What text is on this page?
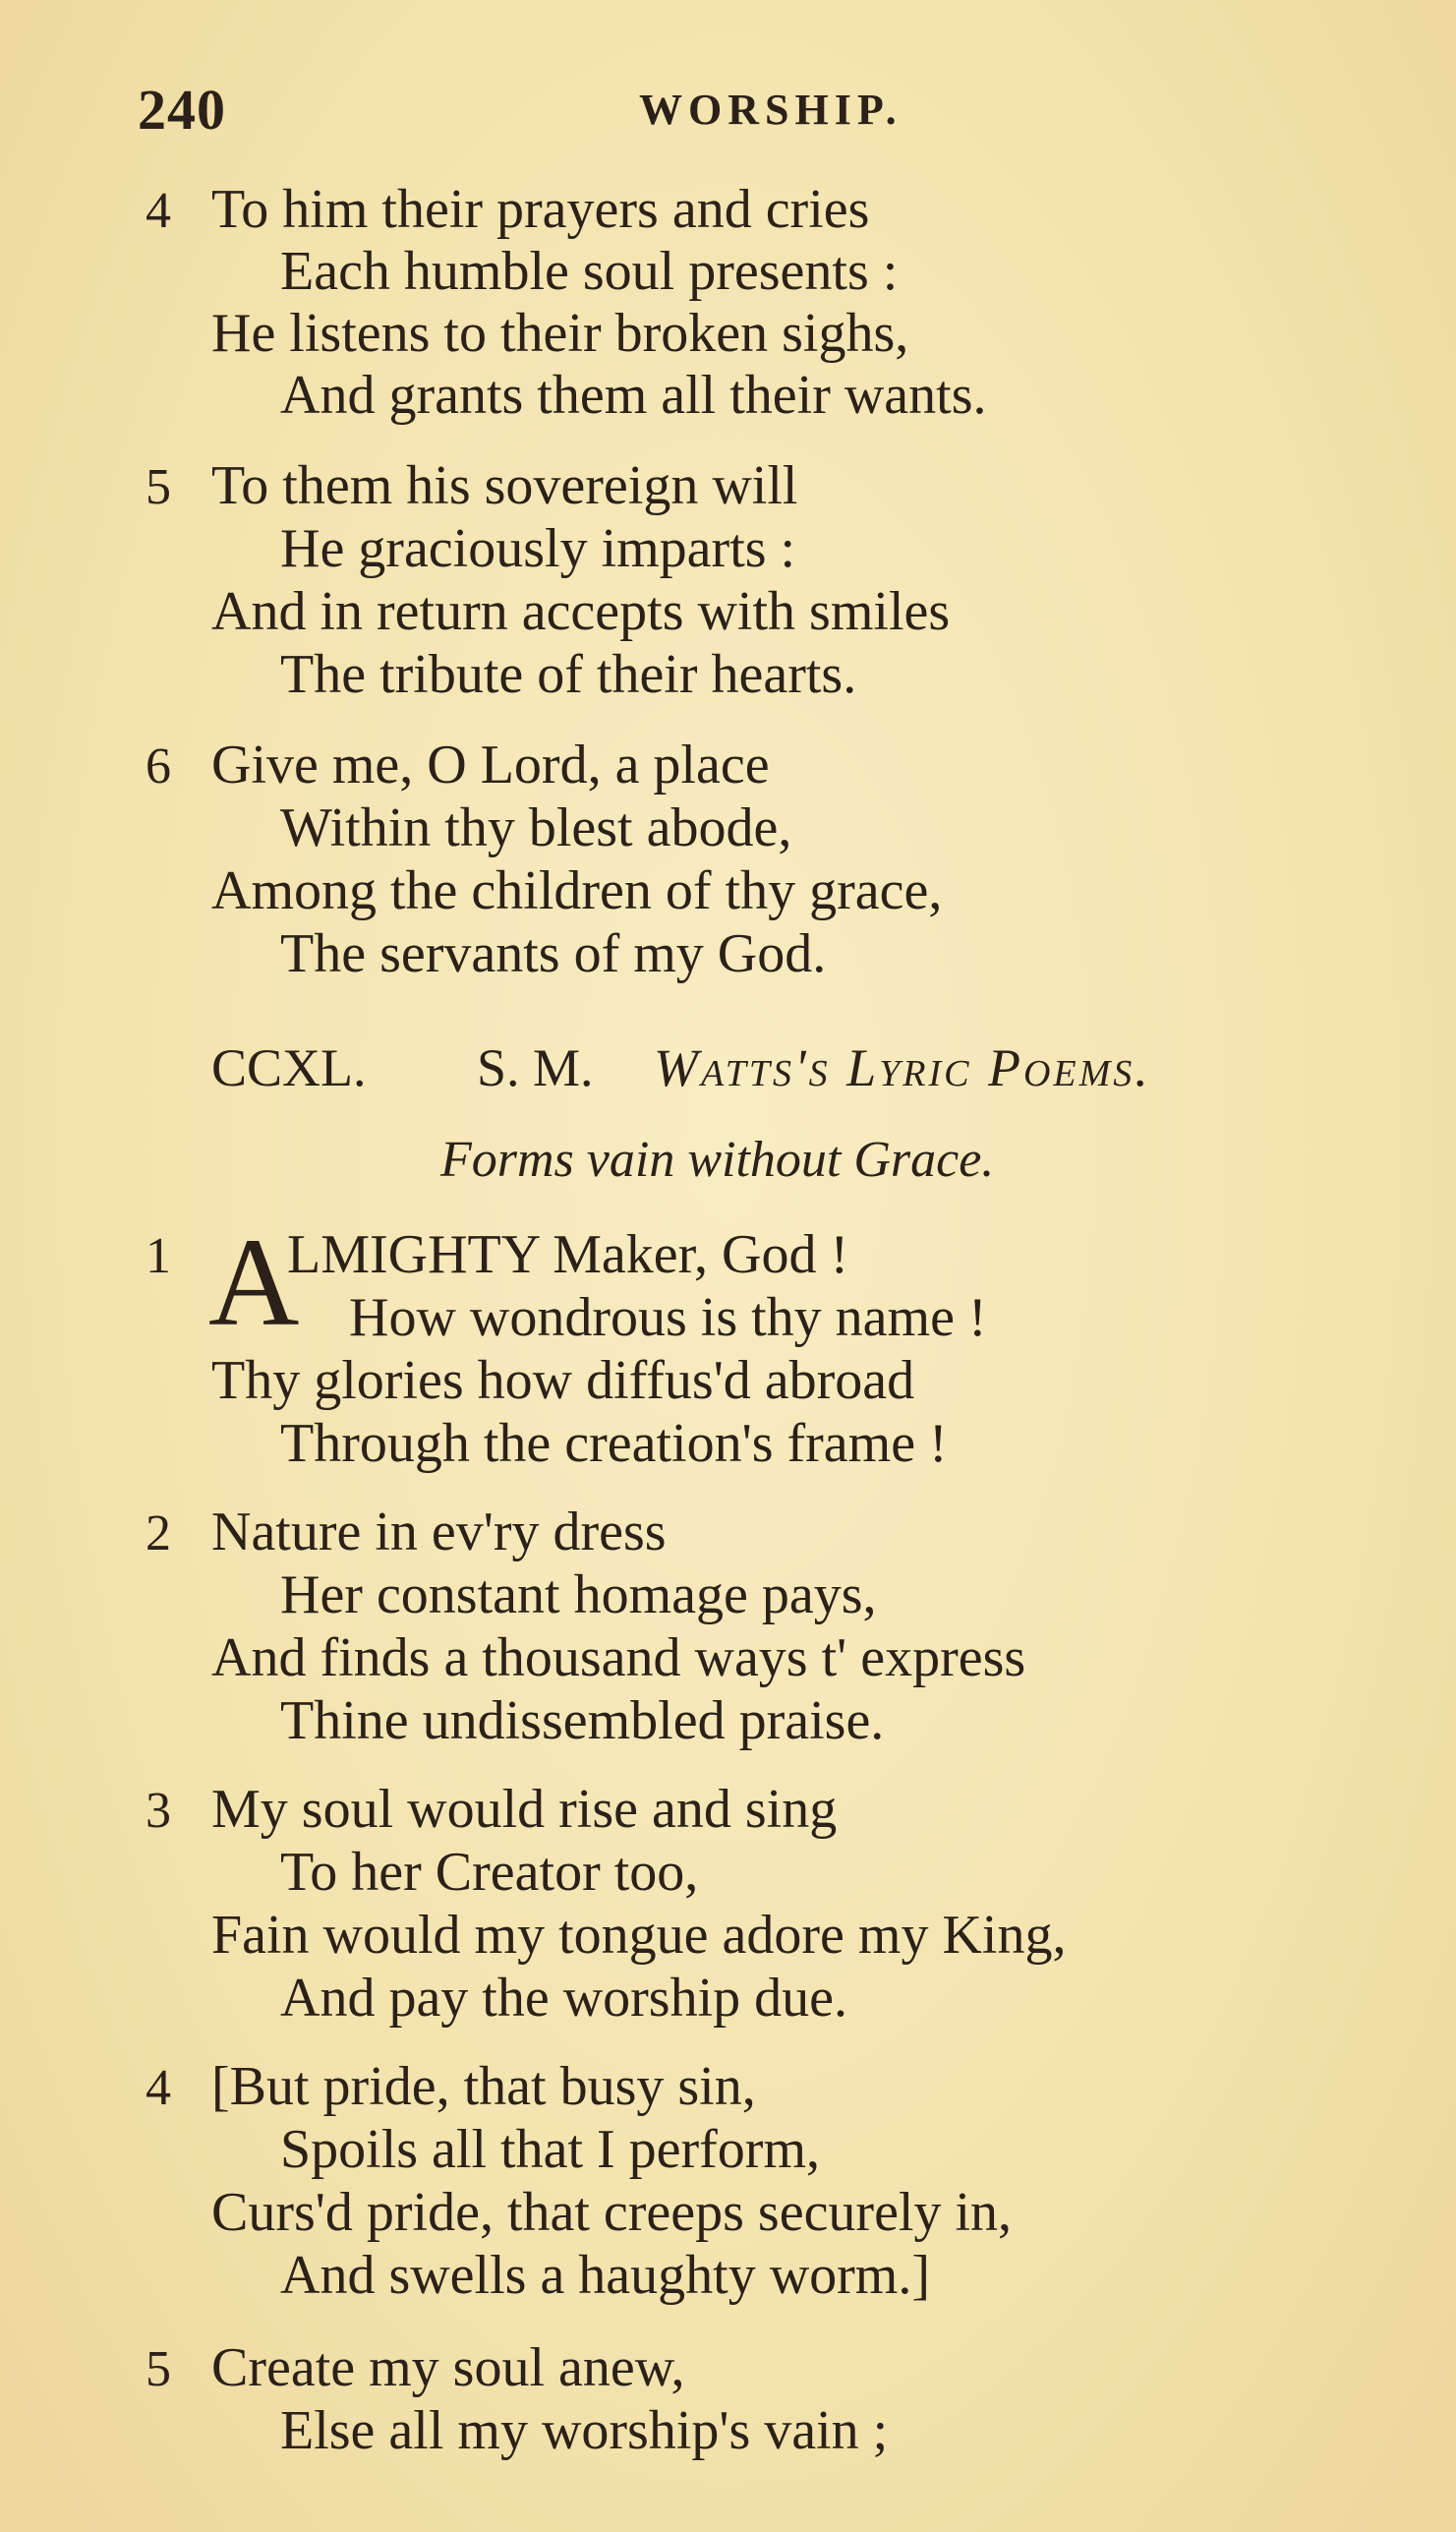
240	WORSHIP.
4 To him their prayers and cries
Each humble soul presents :
He listens to their broken sighs,
And grants them all their wants.
5 To them his sovereign will
He graciously imparts :
And in return accepts with smiles
The tribute of their hearts.
6 Give me, O Lord, a place
Within thy blest abode,
Among the children of thy grace,
The servants of my God.
CCXL. S. M. Watts's Lyric Poems.
Forms vain without Grace.
1 A
LMIGHTY Maker, God !
How wondrous is thy name !
Thy glories how diffus'd abroad
Through the creation's frame !
2 Nature in ev'ry dress
Her constant homage pays,
And finds a thousand ways t' express
Thine undissembled praise.
3 My soul would rise and sing
To her Creator too,
Fain would my tongue adore my King,
And pay the worship due.
4 [But pride, that busy sin,
Spoils all that I perform,
Curs'd pride, that creeps securely in,
And swells a haughty worm.]
5 Create my soul anew,
Else all my worship's vain ;
